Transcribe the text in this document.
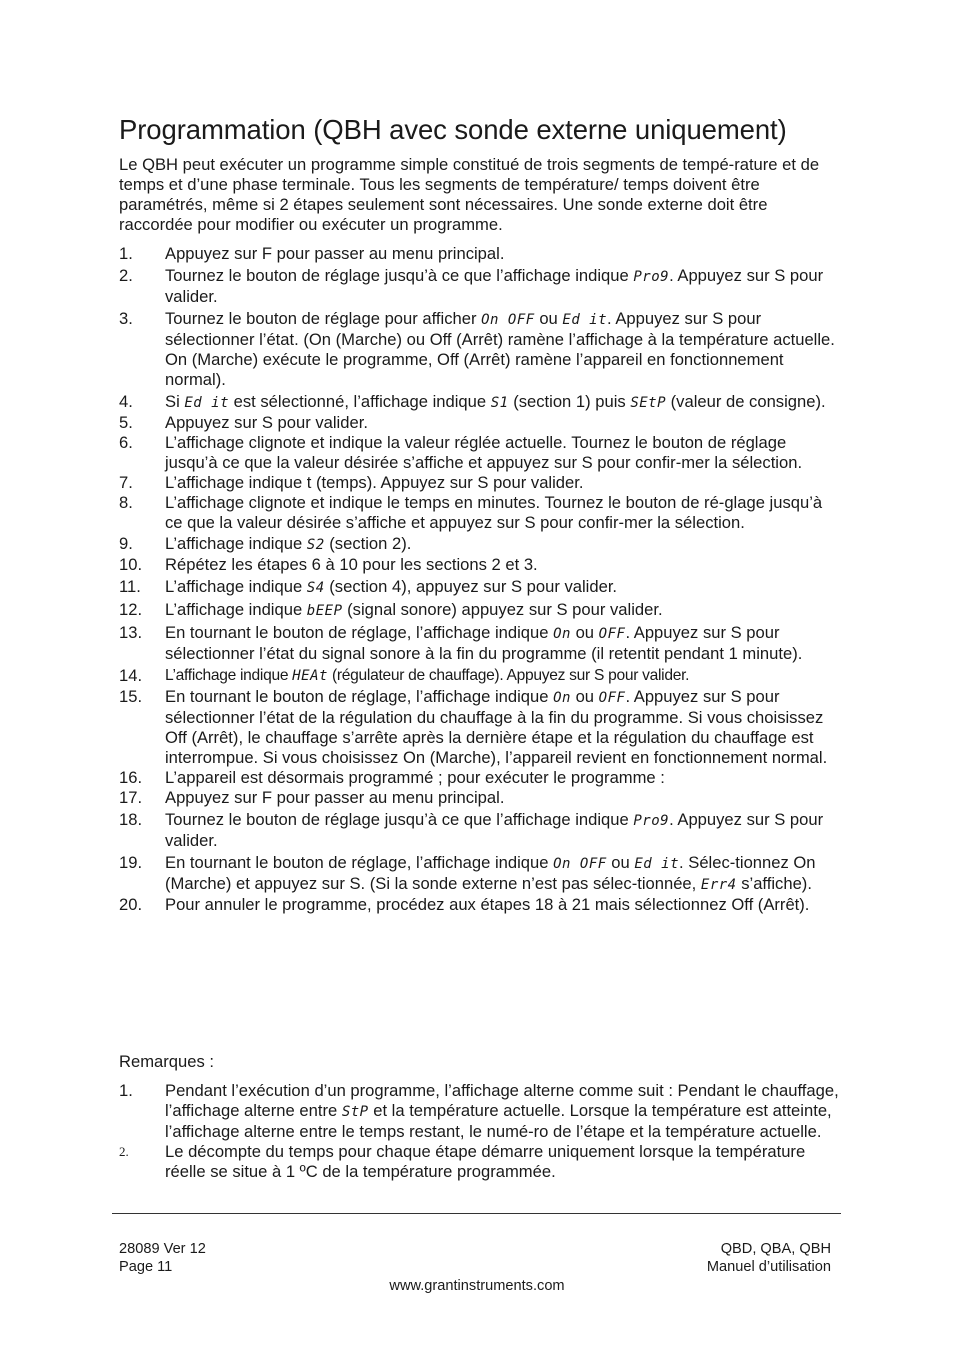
Programmation (QBH avec sonde externe uniquement)

Le QBH peut exécuter un programme simple constitué de trois segments de tempé-rature et de temps et d’une phase terminale. Tous les segments de température/ temps doivent être paramétrés, même si 2 étapes seulement sont nécessaires. Une sonde externe doit être raccordée pour modifier ou exécuter un programme.

1.	Appuyez sur F pour passer au menu principal.
2.	Tournez le bouton de réglage jusqu’à ce que l’affichage indique Pro9. Appuyez sur S pour valider.
3.	Tournez le bouton de réglage pour afficher On OFF ou Ed it. Appuyez sur S pour sélectionner l’état. (On (Marche) ou Off (Arrêt) ramène l’affichage à la température actuelle. On (Marche) exécute le programme, Off (Arrêt) ramène l’appareil en fonctionnement normal).
4.	Si Ed it est sélectionné, l’affichage indique S1 (section 1) puis SEtP (valeur de consigne).
5.	Appuyez sur S pour valider.
6.	L’affichage clignote et indique la valeur réglée actuelle. Tournez le bouton de réglage jusqu’à ce que la valeur désirée s’affiche et appuyez sur S pour confir-mer la sélection.
7.	L’affichage indique t (temps). Appuyez sur S pour valider.
8.	L’affichage clignote et indique le temps en minutes. Tournez le bouton de ré-glage jusqu’à ce que la valeur désirée s’affiche et appuyez sur S pour confir-mer la sélection.
9.	L’affichage indique S2 (section 2).
10.	Répétez les étapes 6 à 10 pour les sections 2 et 3.
11.	L’affichage indique S4 (section 4), appuyez sur S pour valider.
12.	L’affichage indique bEEP (signal sonore) appuyez sur S pour valider.
13.	En tournant le bouton de réglage, l’affichage indique On ou OFF. Appuyez sur S pour sélectionner l’état du signal sonore à la fin du programme (il retentit pendant 1 minute).
14.	L’affichage indique HEAt (régulateur de chauffage). Appuyez sur S pour valider.
15.	En tournant le bouton de réglage, l’affichage indique On ou OFF. Appuyez sur S pour sélectionner l’état de la régulation du chauffage à la fin du programme. Si vous choisissez Off (Arrêt), le chauffage s’arrête après la dernière étape et la régulation du chauffage est interrompue. Si vous choisissez On (Marche), l’appareil revient en fonctionnement normal.
16.	L’appareil est désormais programmé ; pour exécuter le programme :
17.	Appuyez sur F pour passer au menu principal.
18.	Tournez le bouton de réglage jusqu’à ce que l’affichage indique Pro9. Appuyez sur S pour valider.
19.	En tournant le bouton de réglage, l’affichage indique On OFF ou Ed it. Sélec-tionnez On (Marche) et appuyez sur S. (Si la sonde externe n’est pas sélec-tionnée, Err4 s’affiche).
20.	Pour annuler le programme, procédez aux étapes 18 à 21 mais sélectionnez Off (Arrêt).

Remarques :

1.	Pendant l’exécution d’un programme, l’affichage alterne comme suit : Pendant le chauffage, l’affichage alterne entre StP et la température actuelle. Lorsque la température est atteinte, l’affichage alterne entre le temps restant, le numé-ro de l’étape et la température actuelle.
2.	Le décompte du temps pour chaque étape démarre uniquement lorsque la température réelle se situe à 1 ºC de la température programmée.
28089 Ver 12
Page 11
QBD, QBA, QBH
Manuel d’utilisation
www.grantinstruments.com
